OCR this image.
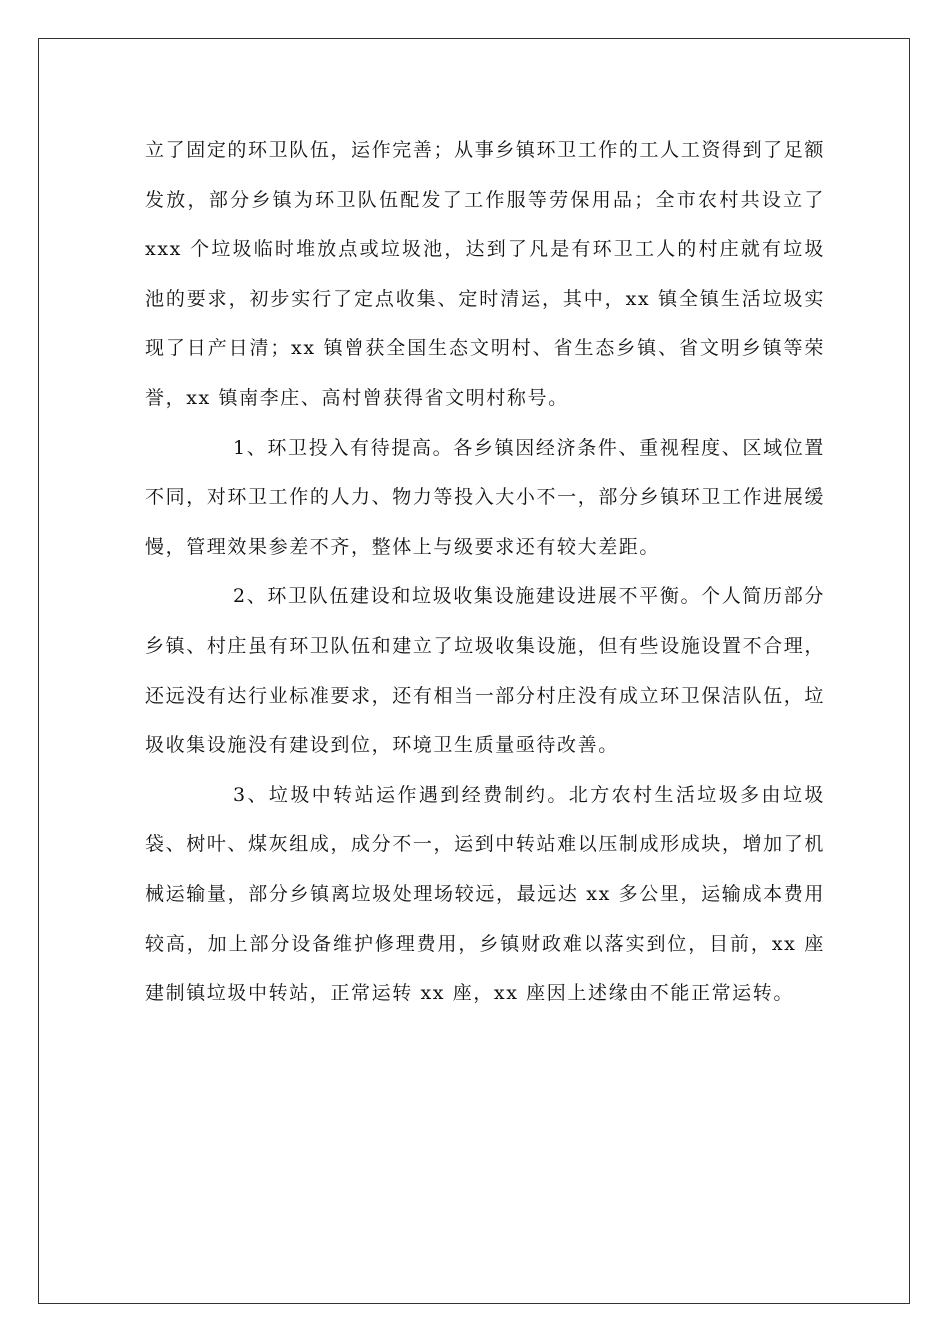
立了固定的环卫队伍，运作完善；从事乡镇环卫工作的工人工资得到了足额发放，部分乡镇为环卫队伍配发了工作服等劳保用品；全市农村共设立了 xxx 个垃圾临时堆放点或垃圾池，达到了凡是有环卫工人的村庄就有垃圾池的要求，初步实行了定点收集、定时清运，其中，xx 镇全镇生活垃圾实现了日产日清；xx 镇曾获全国生态文明村、省生态乡镇、省文明乡镇等荣誉，xx 镇南李庄、高村曾获得省文明村称号。

1、环卫投入有待提高。各乡镇因经济条件、重视程度、区域位置不同，对环卫工作的人力、物力等投入大小不一，部分乡镇环卫工作进展缓慢，管理效果参差不齐，整体上与级要求还有较大差距。

2、环卫队伍建设和垃圾收集设施建设进展不平衡。个人简历部分乡镇、村庄虽有环卫队伍和建立了垃圾收集设施，但有些设施设置不合理，还远没有达行业标准要求，还有相当一部分村庄没有成立环卫保洁队伍，垃圾收集设施没有建设到位，环境卫生质量亟待改善。

3、垃圾中转站运作遇到经费制约。北方农村生活垃圾多由垃圾袋、树叶、煤灰组成，成分不一，运到中转站难以压制成形成块，增加了机械运输量，部分乡镇离垃圾处理场较远，最远达 xx 多公里，运输成本费用较高，加上部分设备维护修理费用，乡镇财政难以落实到位，目前，xx 座建制镇垃圾中转站，正常运转 xx 座，xx 座因上述缘由不能正常运转。
